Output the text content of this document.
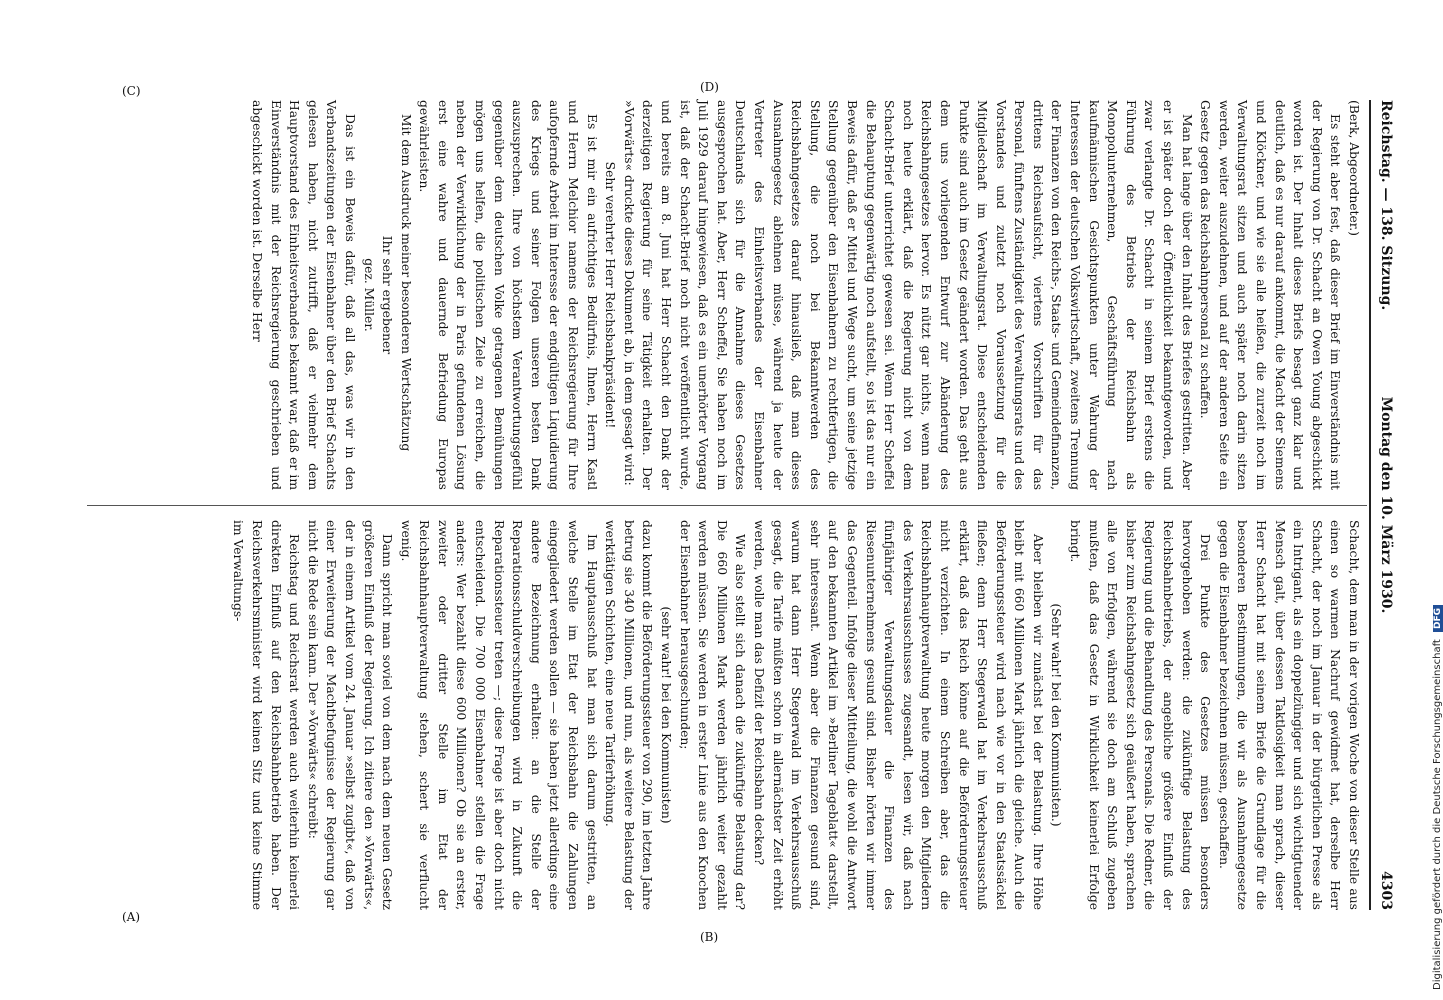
Reichstag. — 138. Sitzung.
Montag den 10. März 1930.
4303

(Berk, Abgeordneter.)

Es steht aber fest, daß dieser Brief im Einverständnis mit der Regierung von Dr. Schacht an Owen Young abgeschickt worden ist. Der Inhalt dieses Briefs besagt ganz klar und deutlich, daß es nur darauf ankommt, die Macht der Siemens und Klöckner, und wie sie alle heißen, die zurzeit noch im Verwaltungsrat sitzen und auch später noch darin sitzen werden, weiter auszudehnen, und auf der anderen Seite ein Gesetz gegen das Reichsbahnpersonal zu schaffen.

Man hat lange über den Inhalt des Briefes gestritten. Aber er ist später doch der Öffentlichkeit bekanntgeworden, und zwar verlangte Dr. Schacht in seinem Brief erstens die Führung des Betriebs der Reichsbahn als Monopolunternehmen, Geschäftsführung nach kaufmännischen Gesichtspunkten unter Wahrung der Interessen der deutschen Volkswirtschaft, zweitens Trennung der Finanzen von den Reichs-, Staats- und Gemeindefinanzen, drittens Reichsaufsicht, viertens Vorschriften für das Personal, fünftens Zuständigkeit des Verwaltungsrats und des Vorstandes und zuletzt noch Voraussetzung für die Mitgliedschaft im Verwaltungsrat. Diese entscheidenden Punkte sind auch im Gesetz geändert worden. Das geht aus dem uns vorliegenden Entwurf zur Abänderung des Reichsbahngesetzes hervor. Es nützt gar nichts, wenn man noch heute erklärt, daß die Regierung nicht von dem Schacht-Brief unterrichtet gewesen sei. Wenn Herr Scheffel die Behauptung gegenwärtig noch aufstellt, so ist das nur ein Beweis dafür, daß er Mittel und Wege sucht, um seine jetzige Stellung gegenüber den Eisenbahnern zu rechtfertigen, die Stellung, die noch bei Bekanntwerden des Reichsbahngesetzes darauf hinausließ, daß man dieses Ausnahmegesetz ablehnen müsse, während ja heute der Vertreter des Einheitsverbandes der Eisenbahner Deutschlands sich für die Annahme dieses Gesetzes ausgesprochen hat. Aber, Herr Scheffel, Sie haben noch im Juli 1929 darauf hingewiesen, daß es ein unerhörter Vorgang ist, daß der Schacht-Brief noch nicht veröffentlicht wurde, und bereits am 8. Juni hat Herr Schacht den Dank der derzeitigen Regierung für seine Tätigkeit erhalten. Der »Vorwärts« druckte dieses Dokument ab, in dem gesagt wird:

Sehr verehrter Herr Reichsbankpräsident!

Es ist mir ein aufrichtiges Bedürfnis, Ihnen, Herrn Kastl und Herrn Melchior namens der Reichsregierung für Ihre aufopfernde Arbeit im Interesse der endgültigen Liquidierung des Kriegs und seiner Folgen unseren besten Dank auszusprechen. Ihre von höchstem Verantwortungsgefühl gegenüber dem deutschen Volke getragenen Bemühungen mögen uns helfen, die politischen Ziele zu erreichen, die neben der Verwirklichung der in Paris gefundenen Lösung erst eine wahre und dauernde Befriedung Europas gewährleisten.

Mit dem Ausdruck meiner besonderen Wertschätzung

Ihr sehr ergebener

gez. Müller.

Das ist ein Beweis dafür, daß all das, was wir in den Verbandszeitungen der Eisenbahner über den Brief Schachts gelesen haben, nicht zutrifft, daß er vielmehr dem Hauptvorstand des Einheitsverbandes bekannt war, daß er im Einverständnis mit der Reichsregierung geschrieben und abgeschickt worden ist. Derselbe Herr

Schacht, dem man in der vorigen Woche von dieser Stelle aus einen so warmen Nachruf gewidmet hat, derselbe Herr Schacht, der noch im Januar in der bürgerlichen Presse als ein Intrigant, als ein doppelzüngiger und sich wichtigtuender Mensch galt, über dessen Taktlosigkeit man sprach, dieser Herr Schacht hat mit seinem Briefe die Grundlage für die besonderen Bestimmungen, die wir als Ausnahmegesetze gegen die Eisenbahner bezeichnen müssen, geschaffen.

Drei Punkte des Gesetzes müssen besonders hervorgehoben werden: die zukünftige Belastung des Reichsbahnbetriebs, der angebliche größere Einfluß der Regierung und die Behandlung des Personals. Die Redner, die bisher zum Reichsbahngesetz sich geäußert haben, sprachen alle von Erfolgen, während sie doch am Schluß zugeben mußten, daß das Gesetz in Wirklichkeit keinerlei Erfolge bringt.

(Sehr wahr! bei den Kommunisten.)

Aber bleiben wir zunächst bei der Belastung. Ihre Höhe bleibt mit 660 Millionen Mark jährlich die gleiche. Auch die Beförderungssteuer wird nach wie vor in den Staatssäckel fließen; denn Herr Stegerwald hat im Verkehrsausschuß erklärt, daß das Reich könne auf die Beförderungssteuer nicht verzichten. In einem Schreiben aber, das die Reichsbahnhauptverwaltung heute morgen den Mitgliedern des Verkehrsausschusses zugesandt, lesen wir, daß nach fünfjähriger Verwaltungsdauer die Finanzen des Riesenunternehmens gesund sind. Bisher hörten wir immer das Gegenteil. Infolge dieser Mitteilung, die wohl die Antwort auf den bekannten Artikel im »Berliner Tageblatt« darstellt, sehr interessant. Wenn aber die Finanzen gesund sind, warum hat dann Herr Stegerwald im Verkehrsausschuß gesagt, die Tarife müßten schon in allernächster Zeit erhöht werden, wolle man das Defizit der Reichsbahn decken?

Wie also stellt sich danach die zukünftige Belastung dar? Die 660 Millionen Mark werden jährlich weiter gezahlt werden müssen. Sie werden in erster Linie aus den Knochen der Eisenbahner herausgeschunden;

(sehr wahr! bei den Kommunisten)

dazu kommt die Beförderungssteuer von 290, im letzten Jahre betrug sie 340 Millionen, und nun, als weitere Belastung der werktätigen Schichten, eine neue Tariferhöhung.

Im Hauptausschuß hat man sich darum gestritten, an welche Stelle im Etat der Reichsbahn die Zahlungen eingegliedert werden sollen — sie haben jetzt allerdings eine andere Bezeichnung erhalten: an die Stelle der Reparationsschuldverschreibungen wird in Zukunft die Reparationssteuer treten —; diese Frage ist aber doch nicht entscheidend. Die 700 000 Eisenbahner stellen die Frage anders: Wer bezahlt diese 600 Millionen? Ob sie an erster, zweiter oder dritter Stelle im Etat der Reichsbahnhauptverwaltung stehen, schert sie verflucht wenig.

Dann spricht man soviel von dem nach dem neuen Gesetz größeren Einfluß der Regierung. Ich zitiere den »Vorwärts«, der in einem Artikel vom 24. Januar »selbst zugibt«, daß von einer Erweiterung der Machtbefugnisse der Regierung gar nicht die Rede sein kann. Der »Vorwärts« schreibt:

Reichstag und Reichsrat werden auch weiterhin keinerlei direkten Einfluß auf den Reichsbahnbetrieb haben. Der Reichsverkehrsminister wird keinen Sitz und keine Stimme im Verwaltungs-

(A)
(B)
(C)	(D)
Digitalisierung gefördert durch die Deutsche Forschungsgemeinschaft DFG
